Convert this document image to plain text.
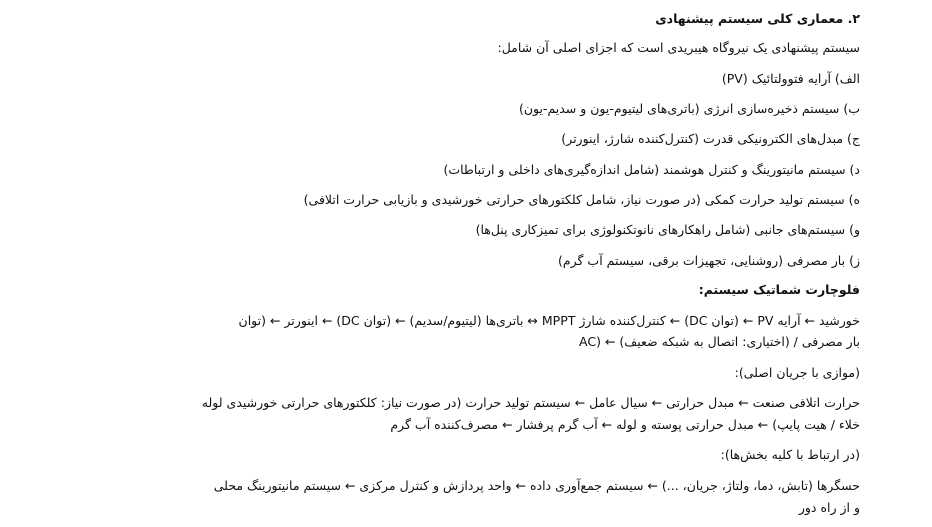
۲. معماری کلی سیستم پیشنهادی
سیستم پیشنهادی یک نیروگاه هیبریدی است که اجزای اصلی آن شامل:
الف) آرایه فتوولتائیک (PV)
ب) سیستم ذخیره‌سازی انرژی (باتری‌های لیتیوم-یون و سدیم-یون)
ج) مبدل‌های الکترونیکی قدرت (کنترل‌کننده شارژ، اینورتر)
د) سیستم مانیتورینگ و کنترل هوشمند (شامل اندازه‌گیری‌های داخلی و ارتباطات)
ه) سیستم تولید حرارت کمکی (در صورت نیاز، شامل کلکتورهای حرارتی خورشیدی و بازیابی حرارت اتلافی)
و) سیستم‌های جانبی (شامل راهکارهای نانوتکنولوژی برای تمیزکاری پنل‌ها)
ز) بار مصرفی (روشنایی، تجهیزات برقی، سیستم آب گرم)
فلوچارت شماتیک سیستم:
خورشید ← آرایه PV ← (توان DC) ← کنترل‌کننده شارژ MPPT ↔ باتری‌ها (لیتیوم/سدیم) ← (توان DC) ← اینورتر ← (توان
AC) ← بار مصرفی / (اختیاری: اتصال به شبکه ضعیف)
(موازی با جریان اصلی):
حرارت اتلافی صنعت ← مبدل حرارتی ← سیال عامل ← سیستم تولید حرارت (در صورت نیاز: کلکتورهای حرارتی خورشیدی لوله
خلاء / هیت پایپ) ← مبدل حرارتی پوسته و لوله ← آب گرم پرفشار ← مصرف‌کننده آب گرم
(در ارتباط با کلیه بخش‌ها):
حسگرها (تابش، دما، ولتاژ، جریان، ...) ← سیستم جمع‌آوری داده ← واحد پردازش و کنترل مرکزی ← سیستم مانیتورینگ محلی
و از راه دور
